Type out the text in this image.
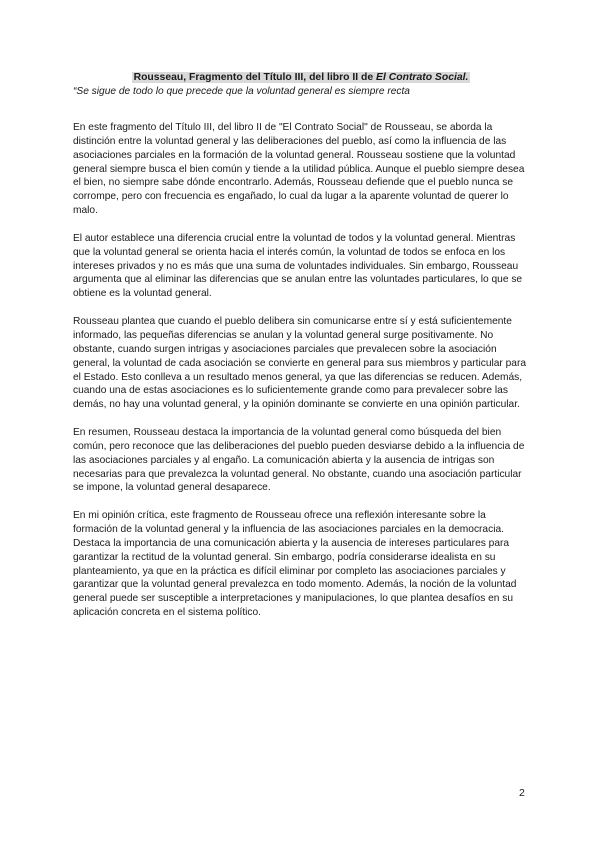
Rousseau, Fragmento del Título III, del libro II de El Contrato Social.

“Se sigue de todo lo que precede que la voluntad general es siempre recta

En este fragmento del Título III, del libro II de "El Contrato Social" de Rousseau, se aborda la distinción entre la voluntad general y las deliberaciones del pueblo, así como la influencia de las asociaciones parciales en la formación de la voluntad general. Rousseau sostiene que la voluntad general siempre busca el bien común y tiende a la utilidad pública. Aunque el pueblo siempre desea el bien, no siempre sabe dónde encontrarlo. Además, Rousseau defiende que el pueblo nunca se corrompe, pero con frecuencia es engañado, lo cual da lugar a la aparente voluntad de querer lo malo.

El autor establece una diferencia crucial entre la voluntad de todos y la voluntad general. Mientras que la voluntad general se orienta hacia el interés común, la voluntad de todos se enfoca en los intereses privados y no es más que una suma de voluntades individuales. Sin embargo, Rousseau argumenta que al eliminar las diferencias que se anulan entre las voluntades particulares, lo que se obtiene es la voluntad general.

Rousseau plantea que cuando el pueblo delibera sin comunicarse entre sí y está suficientemente informado, las pequeñas diferencias se anulan y la voluntad general surge positivamente. No obstante, cuando surgen intrigas y asociaciones parciales que prevalecen sobre la asociación general, la voluntad de cada asociación se convierte en general para sus miembros y particular para el Estado. Esto conlleva a un resultado menos general, ya que las diferencias se reducen. Además, cuando una de estas asociaciones es lo suficientemente grande como para prevalecer sobre las demás, no hay una voluntad general, y la opinión dominante se convierte en una opinión particular.

En resumen, Rousseau destaca la importancia de la voluntad general como búsqueda del bien común, pero reconoce que las deliberaciones del pueblo pueden desviarse debido a la influencia de las asociaciones parciales y al engaño. La comunicación abierta y la ausencia de intrigas son necesarias para que prevalezca la voluntad general. No obstante, cuando una asociación particular se impone, la voluntad general desaparece.

En mi opinión crítica, este fragmento de Rousseau ofrece una reflexión interesante sobre la formación de la voluntad general y la influencia de las asociaciones parciales en la democracia. Destaca la importancia de una comunicación abierta y la ausencia de intereses particulares para garantizar la rectitud de la voluntad general. Sin embargo, podría considerarse idealista en su planteamiento, ya que en la práctica es difícil eliminar por completo las asociaciones parciales y garantizar que la voluntad general prevalezca en todo momento. Además, la noción de la voluntad general puede ser susceptible a interpretaciones y manipulaciones, lo que plantea desafíos en su aplicación concreta en el sistema político.

2
